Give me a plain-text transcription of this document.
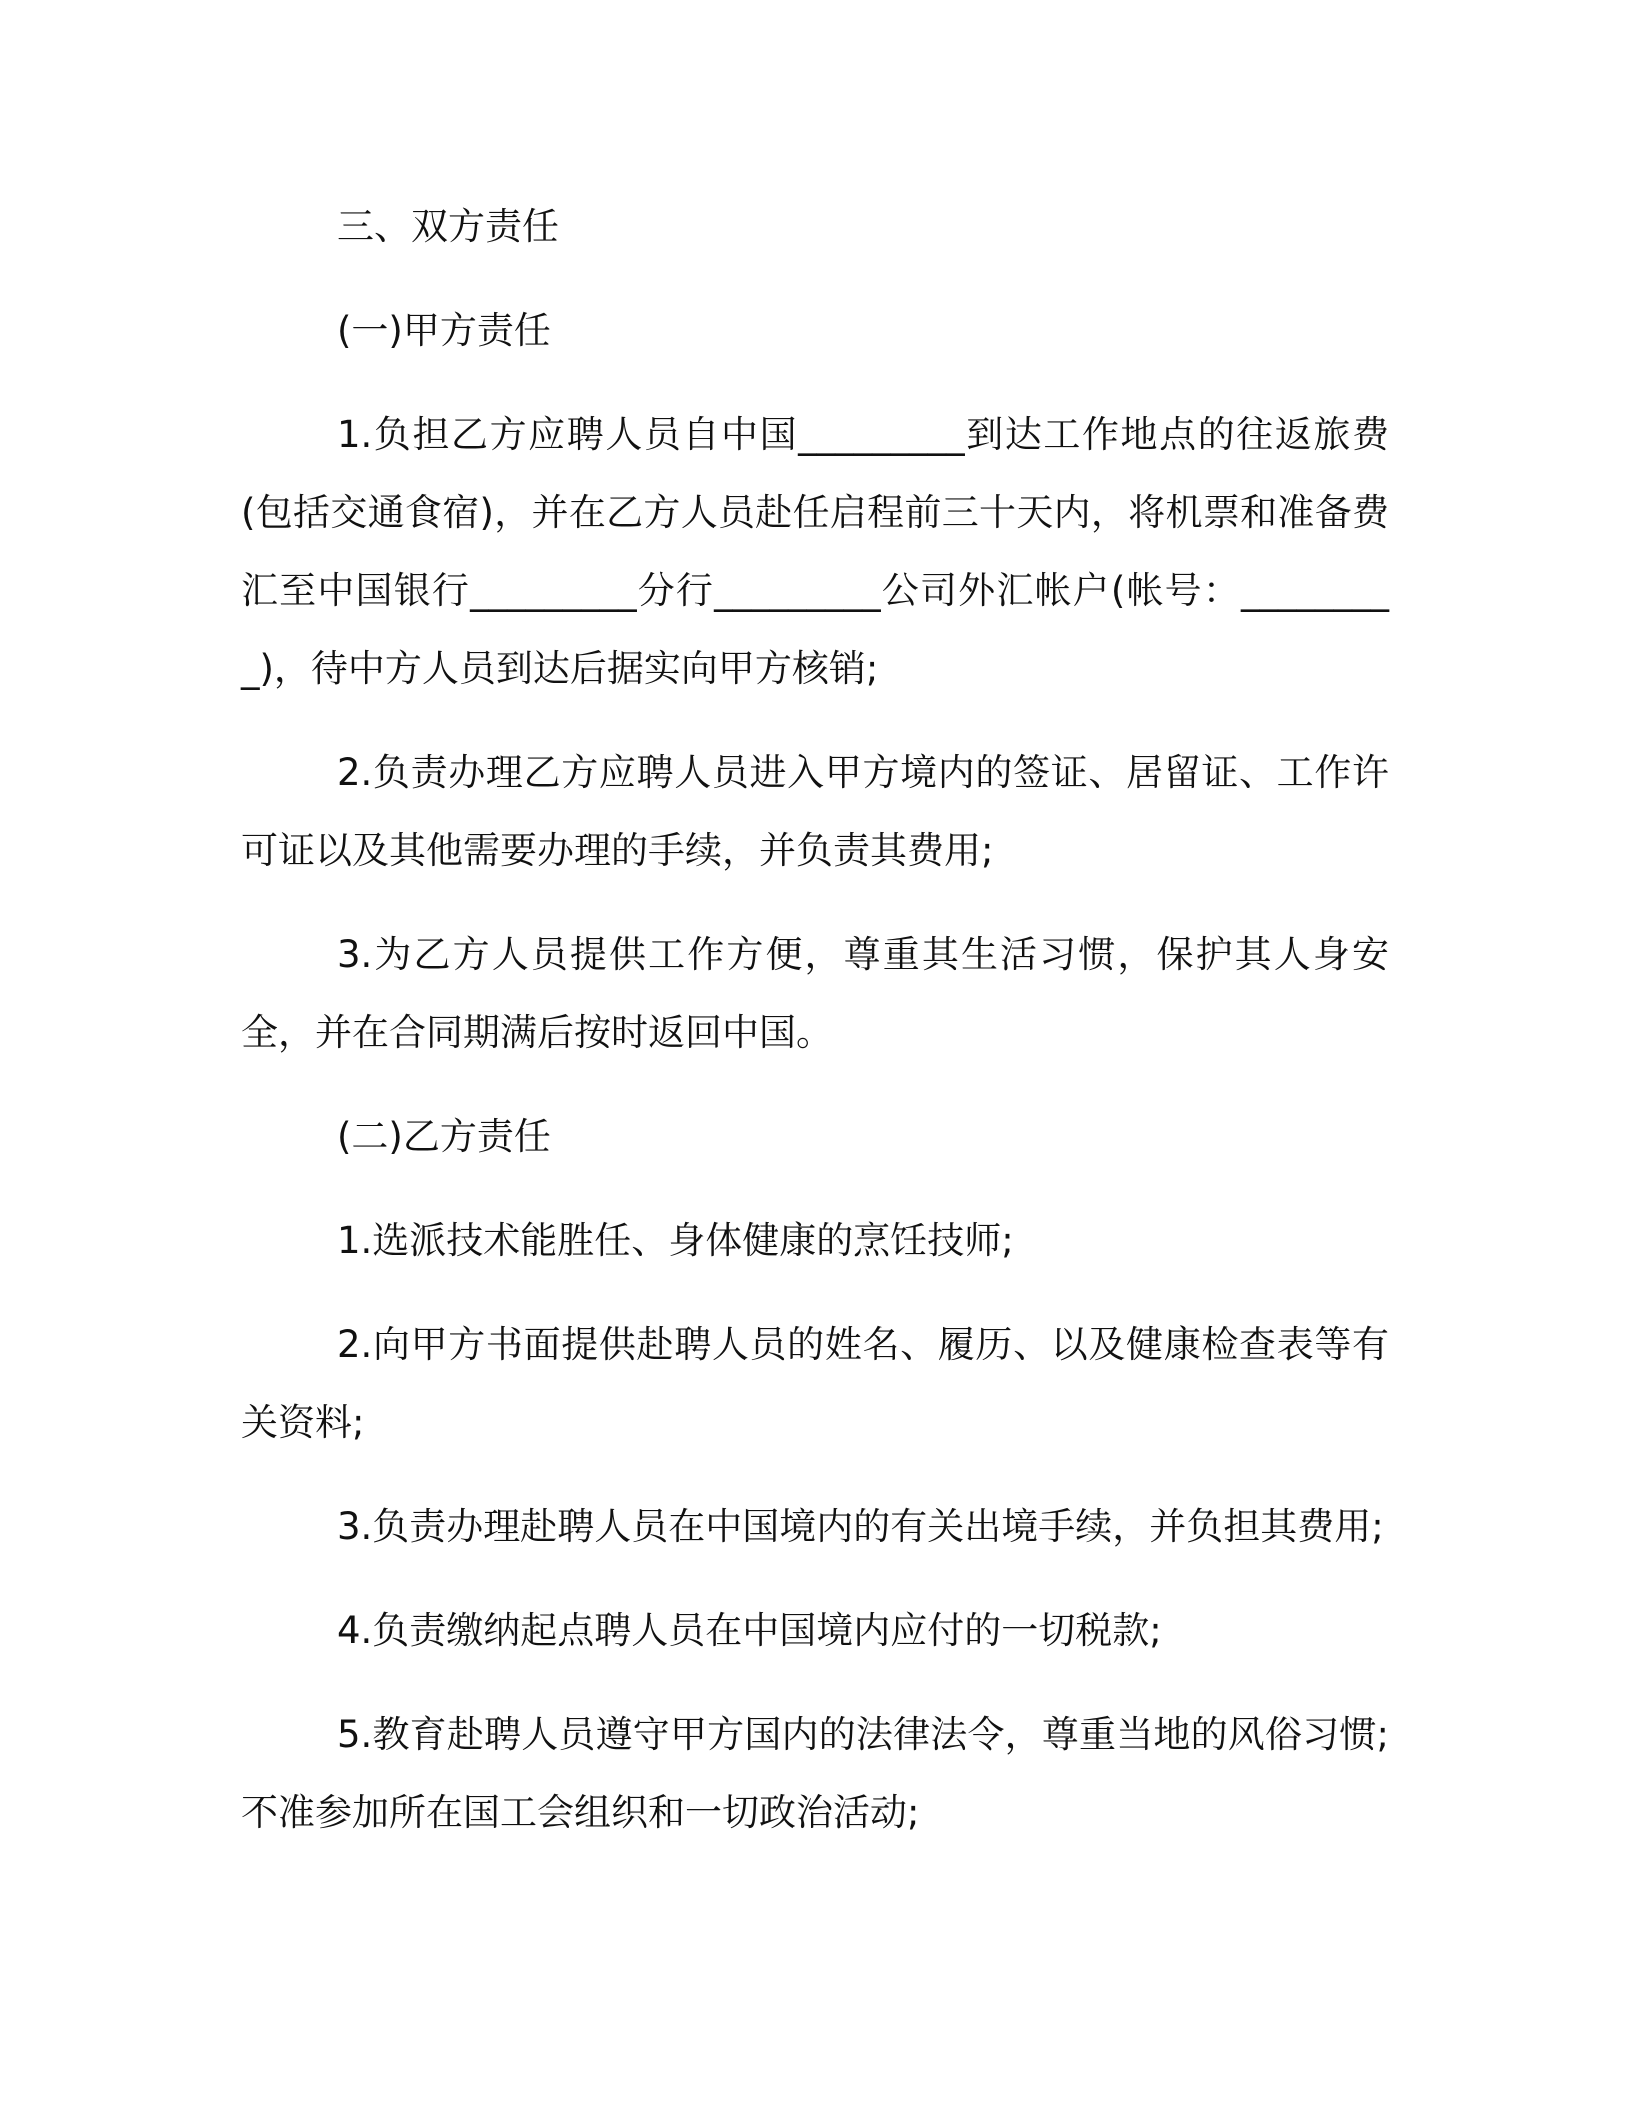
三、双方责任

(一)甲方责任

1.负担乙方应聘人员自中国_________到达工作地点的往返旅费(包括交通食宿)，并在乙方人员赴任启程前三十天内，将机票和准备费汇至中国银行_________分行_________公司外汇帐户(帐号：_________)，待中方人员到达后据实向甲方核销;

2.负责办理乙方应聘人员进入甲方境内的签证、居留证、工作许可证以及其他需要办理的手续，并负责其费用;

3.为乙方人员提供工作方便，尊重其生活习惯，保护其人身安全，并在合同期满后按时返回中国。

(二)乙方责任

1.选派技术能胜任、身体健康的烹饪技师;

2.向甲方书面提供赴聘人员的姓名、履历、以及健康检查表等有关资料;

3.负责办理赴聘人员在中国境内的有关出境手续，并负担其费用;

4.负责缴纳起点聘人员在中国境内应付的一切税款;

5.教育赴聘人员遵守甲方国内的法律法令，尊重当地的风俗习惯;不准参加所在国工会组织和一切政治活动;
